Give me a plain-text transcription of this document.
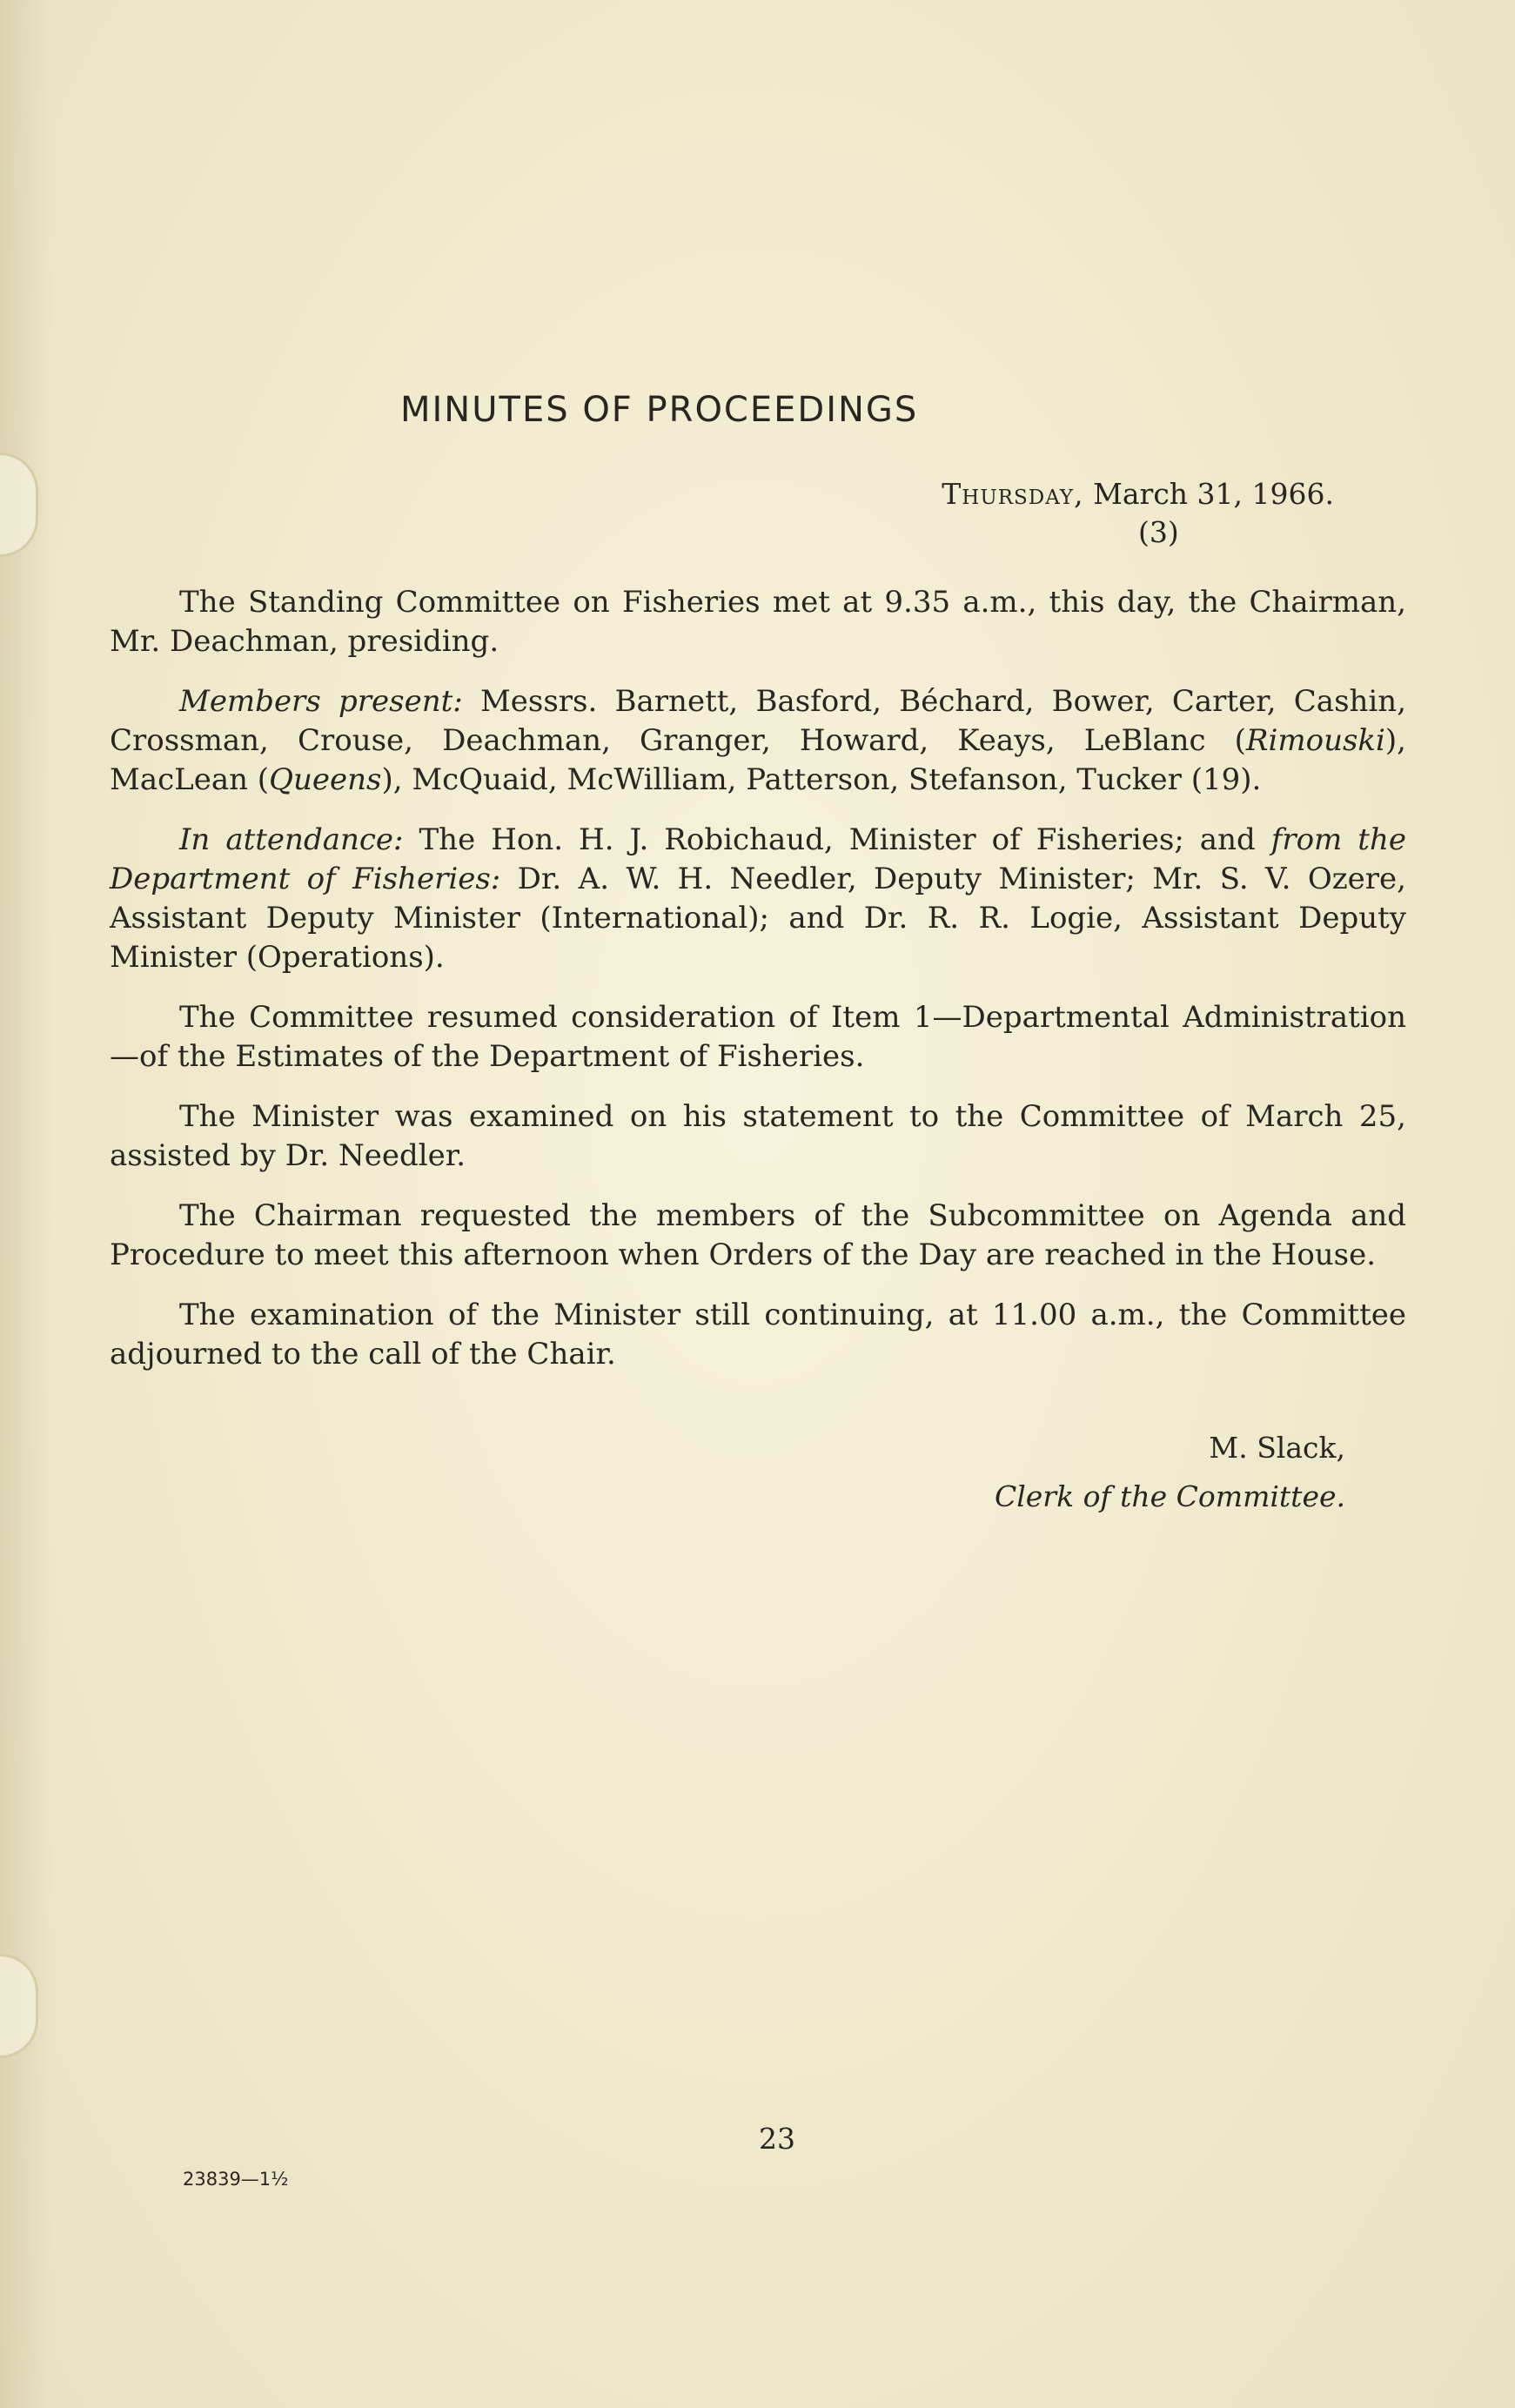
MINUTES OF PROCEEDINGS
Thursday, March 31, 1966.
(3)

The Standing Committee on Fisheries met at 9.35 a.m., this day, the Chairman, Mr. Deachman, presiding.

Members present: Messrs. Barnett, Basford, Béchard, Bower, Carter, Cashin, Crossman, Crouse, Deachman, Granger, Howard, Keays, LeBlanc (Rimouski), MacLean (Queens), McQuaid, McWilliam, Patterson, Stefanson, Tucker (19).

In attendance: The Hon. H. J. Robichaud, Minister of Fisheries; and from the Department of Fisheries: Dr. A. W. H. Needler, Deputy Minister; Mr. S. V. Ozere, Assistant Deputy Minister (International); and Dr. R. R. Logie, Assistant Deputy Minister (Operations).

The Committee resumed consideration of Item 1—Departmental Administration—of the Estimates of the Department of Fisheries.

The Minister was examined on his statement to the Committee of March 25, assisted by Dr. Needler.

The Chairman requested the members of the Subcommittee on Agenda and Procedure to meet this afternoon when Orders of the Day are reached in the House.

The examination of the Minister still continuing, at 11.00 a.m., the Committee adjourned to the call of the Chair.

M. Slack,
Clerk of the Committee.
23
23839—1½
